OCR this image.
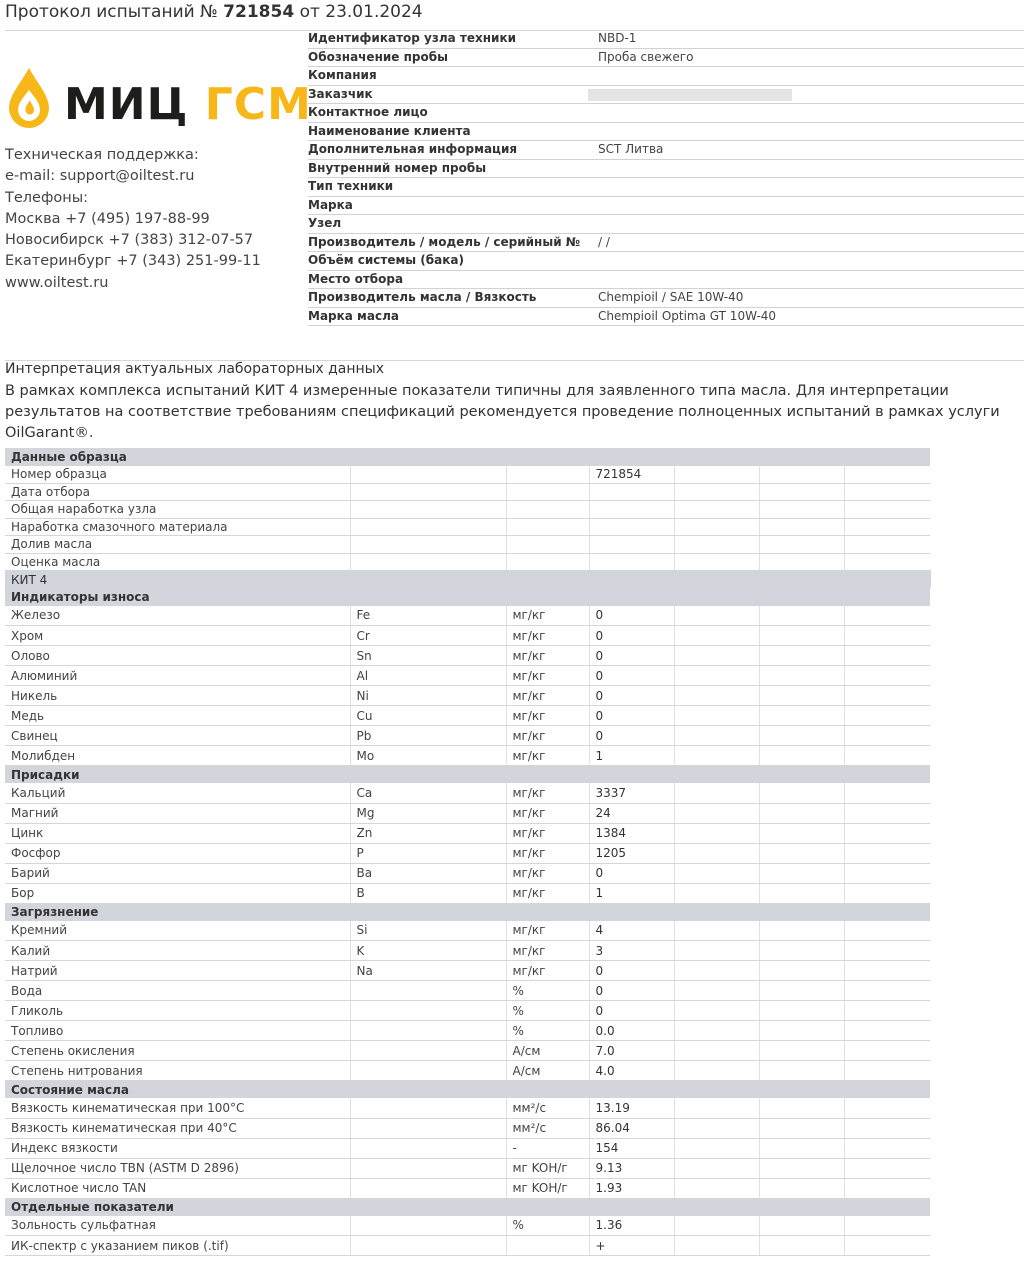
Протокол испытаний № 721854 от 23.01.2024
МИЦ ГСМ
Техническая поддержка:
e-mail: support@oiltest.ru
Телефоны:
Москва +7 (495) 197-88-99
Новосибирск +7 (383) 312-07-57
Екатеринбург +7 (343) 251-99-11
www.oiltest.ru
Идентификатор узла техники	NBD-1
Обозначение пробы	Проба свежего
Компания
Заказчик
Контактное лицо
Наименование клиента
Дополнительная информация	SCT Литва
Внутренний номер пробы
Тип техники
Марка
Узел
Производитель / модель / серийный № / /
Объём системы (бака)
Место отбора
Производитель масла / Вязкость	Chempioil / SAE 10W-40
Марка масла	Chempioil Optima GT 10W-40
Интерпретация актуальных лабораторных данных
В рамках комплекса испытаний КИТ 4 измеренные показатели типичны для заявленного типа масла. Для интерпретации результатов на соответствие требованиям спецификаций рекомендуется проведение полноценных испытаний в рамках услуги OilGarant®.
Данные образца						
Номер образца			721854			
Дата отбора						
Общая наработка узла						
Наработка смазочного материала						
Долив масла						
Оценка масла						
КИТ 4						
Индикаторы износа						
Железо	Fe	мг/кг	0			
Хром	Cr	мг/кг	0			
Олово	Sn	мг/кг	0			
Алюминий	Al	мг/кг	0			
Никель	Ni	мг/кг	0			
Медь	Cu	мг/кг	0			
Свинец	Pb	мг/кг	0			
Молибден	Mo	мг/кг	1			
Присадки						
Кальций	Ca	мг/кг	3337			
Магний	Mg	мг/кг	24			
Цинк	Zn	мг/кг	1384			
Фосфор	P	мг/кг	1205			
Барий	Ba	мг/кг	0			
Бор	B	мг/кг	1			
Загрязнение						
Кремний	Si	мг/кг	4			
Калий	K	мг/кг	3			
Натрий	Na	мг/кг	0			
Вода		%	0			
Гликоль		%	0			
Топливо		%	0.0			
Степень окисления		A/см	7.0			
Степень нитрования		A/см	4.0			
Состояние масла						
Вязкость кинематическая при 100°C		мм²/с	13.19			
Вязкость кинематическая при 40°C		мм²/с	86.04			
Индекс вязкости		-	154			
Щелочное число TBN (ASTM D 2896)		мг KOH/г	9.13			
Кислотное число TAN		мг KOH/г	1.93			
Отдельные показатели						
Зольность сульфатная		%	1.36			
ИК-спектр с указанием пиков (.tif)			+			
